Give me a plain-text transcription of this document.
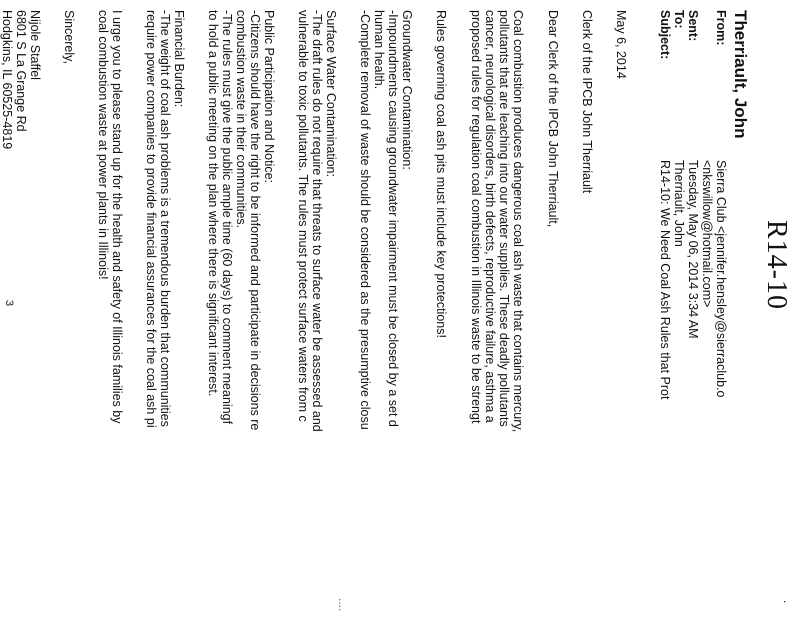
.
R14-10
Therriault, John
From:
Sierra Club <jennifer.hensley@sierraclub.o
<nkswillow@hotmail.com>
Sent:
Tuesday, May 06, 2014 3:34 AM
To:
Therriault, John
Subject:
R14-10: We Need Coal Ash Rules that Prot
May 6, 2014
Clerk of the IPCB John Therriault
Dear Clerk of the IPCB John Therriault,
Coal combustion produces dangerous coal ash waste that contains mercury,
pollutants that are leaching into our water supplies. These deadly pollutants
cancer, neurological disorders, birth defects, reproductive failure, asthma a
proposed rules for regulation coal combustion in Illinois waste to be strengt
Rules governing coal ash pits must include key protections!
Groundwater Contamination:
-Impoundments causing groundwater impairment must be closed by a set d
human health.
-Complete removal of waste should be considered as the presumptive closu
Surface Water Contamination:
-The draft rules do not require that threats to surface water be assessed and
vulnerable to toxic pollutants. The rules must protect surface waters from c
Public Participation and Notice:
-Citizens should have the right to be informed and participate in decisions re
combustion waste in their communities.
-The rules must give the public ample time (60 days) to comment meaningf
to hold a public meeting on the plan where there is significant interest.
Financial Burden:
-The weight of coal ash problems is a tremendous burden that communities
require power companies to provide financial assurances for the coal ash pi
I urge you to please stand up for the health and safety of Illinois families by
coal combustion waste at power plants in Illinois!
Sincerely,
Nijole Staffel
6801 S La Grange Rd
Hodgkins, IL 60525-4819
....
3
